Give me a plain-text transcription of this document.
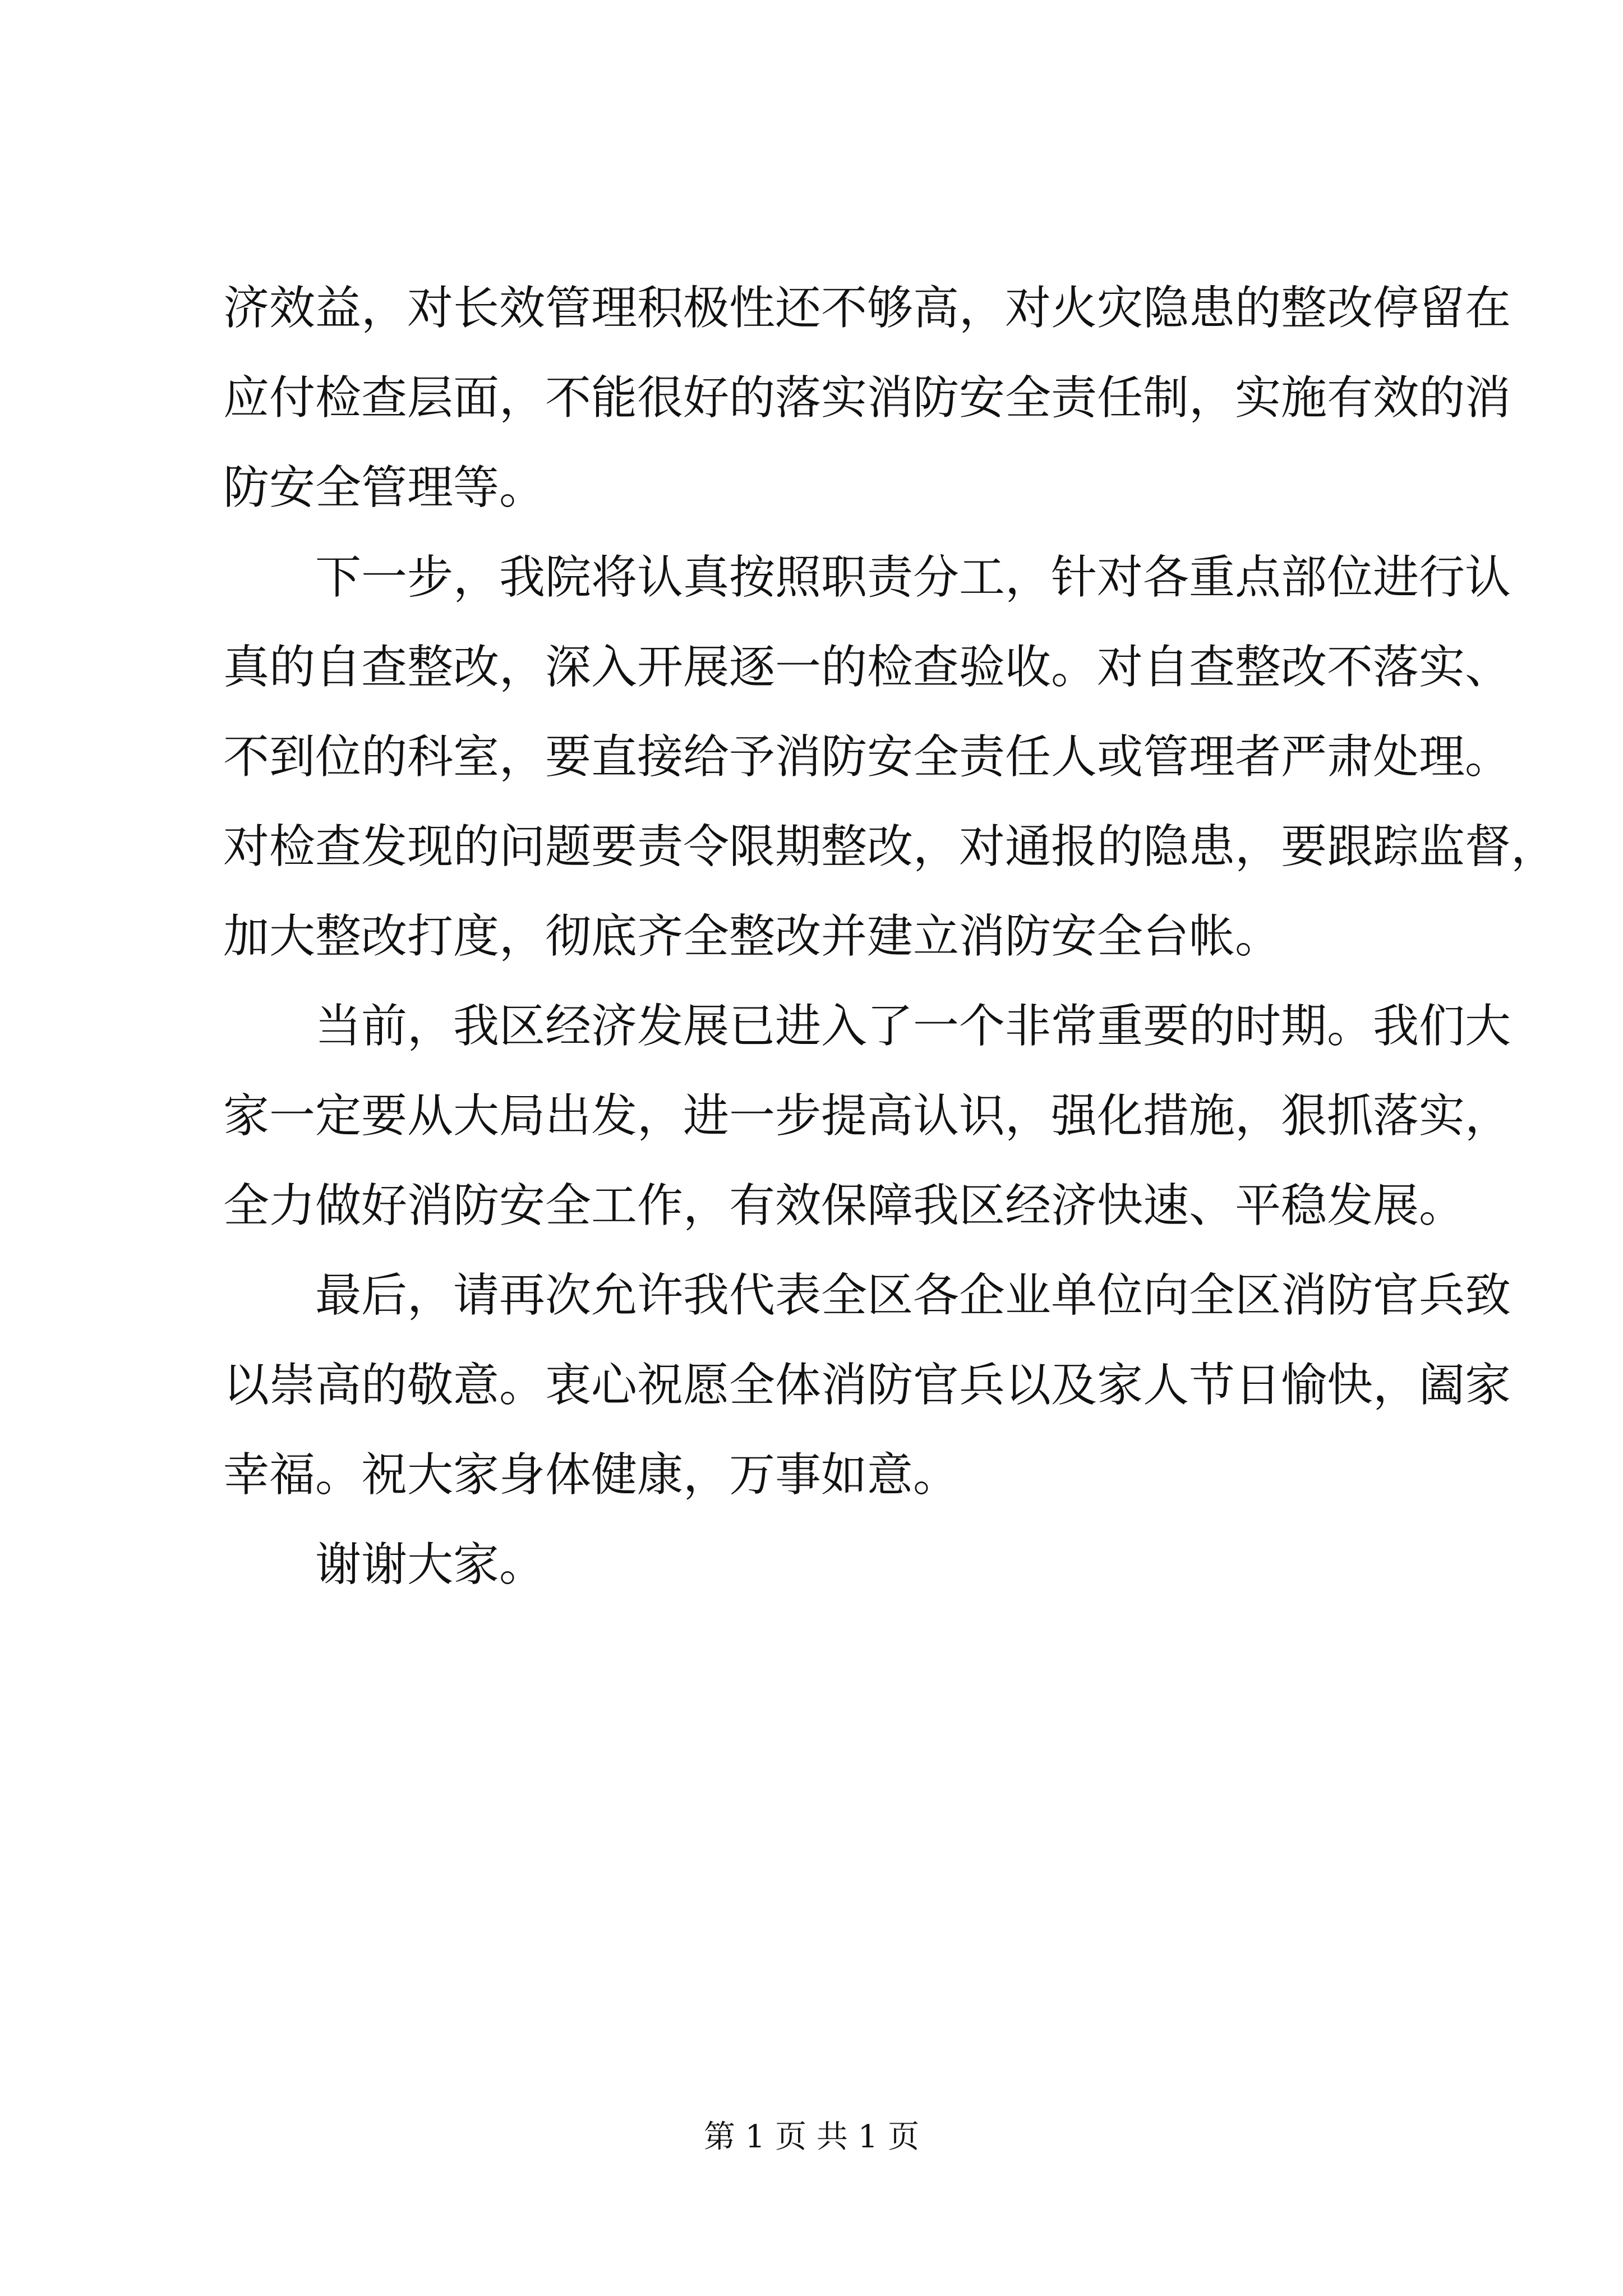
济效益，对长效管理积极性还不够高，对火灾隐患的整改停留在
应付检查层面，不能很好的落实消防安全责任制，实施有效的消
防安全管理等。
下一步，我院将认真按照职责分工，针对各重点部位进行认
真的自查整改，深入开展逐一的检查验收。对自查整改不落实、
不到位的科室，要直接给予消防安全责任人或管理者严肃处理。
对检查发现的问题要责令限期整改，对通报的隐患，要跟踪监督，
加大整改打度，彻底齐全整改并建立消防安全台帐。
当前，我区经济发展已进入了一个非常重要的时期。我们大
家一定要从大局出发，进一步提高认识，强化措施，狠抓落实，
全力做好消防安全工作，有效保障我区经济快速、平稳发展。
最后，请再次允许我代表全区各企业单位向全区消防官兵致
以崇高的敬意。衷心祝愿全体消防官兵以及家人节日愉快，阖家
幸福。祝大家身体健康，万事如意。
谢谢大家。
第 1 页 共 1 页
